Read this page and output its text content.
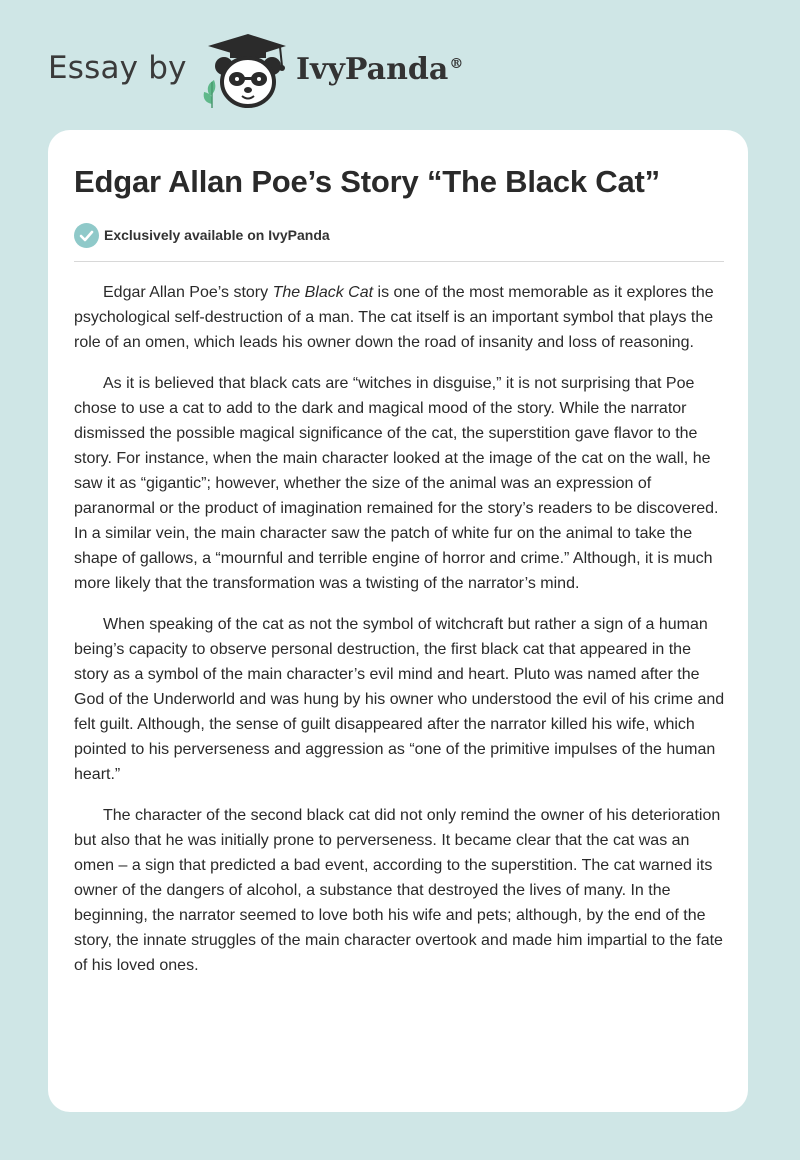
Essay by	IvyPanda®
Edgar Allan Poe’s Story “The Black Cat”
Exclusively available on IvyPanda

Edgar Allan Poe’s story The Black Cat is one of the most memorable as it explores the psychological self-destruction of a man. The cat itself is an important symbol that plays the role of an omen, which leads his owner down the road of insanity and loss of reasoning.

As it is believed that black cats are “witches in disguise,” it is not surprising that Poe chose to use a cat to add to the dark and magical mood of the story. While the narrator dismissed the possible magical significance of the cat, the superstition gave flavor to the story. For instance, when the main character looked at the image of the cat on the wall, he saw it as “gigantic”; however, whether the size of the animal was an expression of paranormal or the product of imagination remained for the story’s readers to be discovered. In a similar vein, the main character saw the patch of white fur on the animal to take the shape of gallows, a “mournful and terrible engine of horror and crime.” Although, it is much more likely that the transformation was a twisting of the narrator’s mind.

When speaking of the cat as not the symbol of witchcraft but rather a sign of a human being’s capacity to observe personal destruction, the first black cat that appeared in the story as a symbol of the main character’s evil mind and heart. Pluto was named after the God of the Underworld and was hung by his owner who understood the evil of his crime and felt guilt. Although, the sense of guilt disappeared after the narrator killed his wife, which pointed to his perverseness and aggression as “one of the primitive impulses of the human heart.”

The character of the second black cat did not only remind the owner of his deterioration but also that he was initially prone to perverseness. It became clear that the cat was an omen – a sign that predicted a bad event, according to the superstition. The cat warned its owner of the dangers of alcohol, a substance that destroyed the lives of many. In the beginning, the narrator seemed to love both his wife and pets; although, by the end of the story, the innate struggles of the main character overtook and made him impartial to the fate of his loved ones.
